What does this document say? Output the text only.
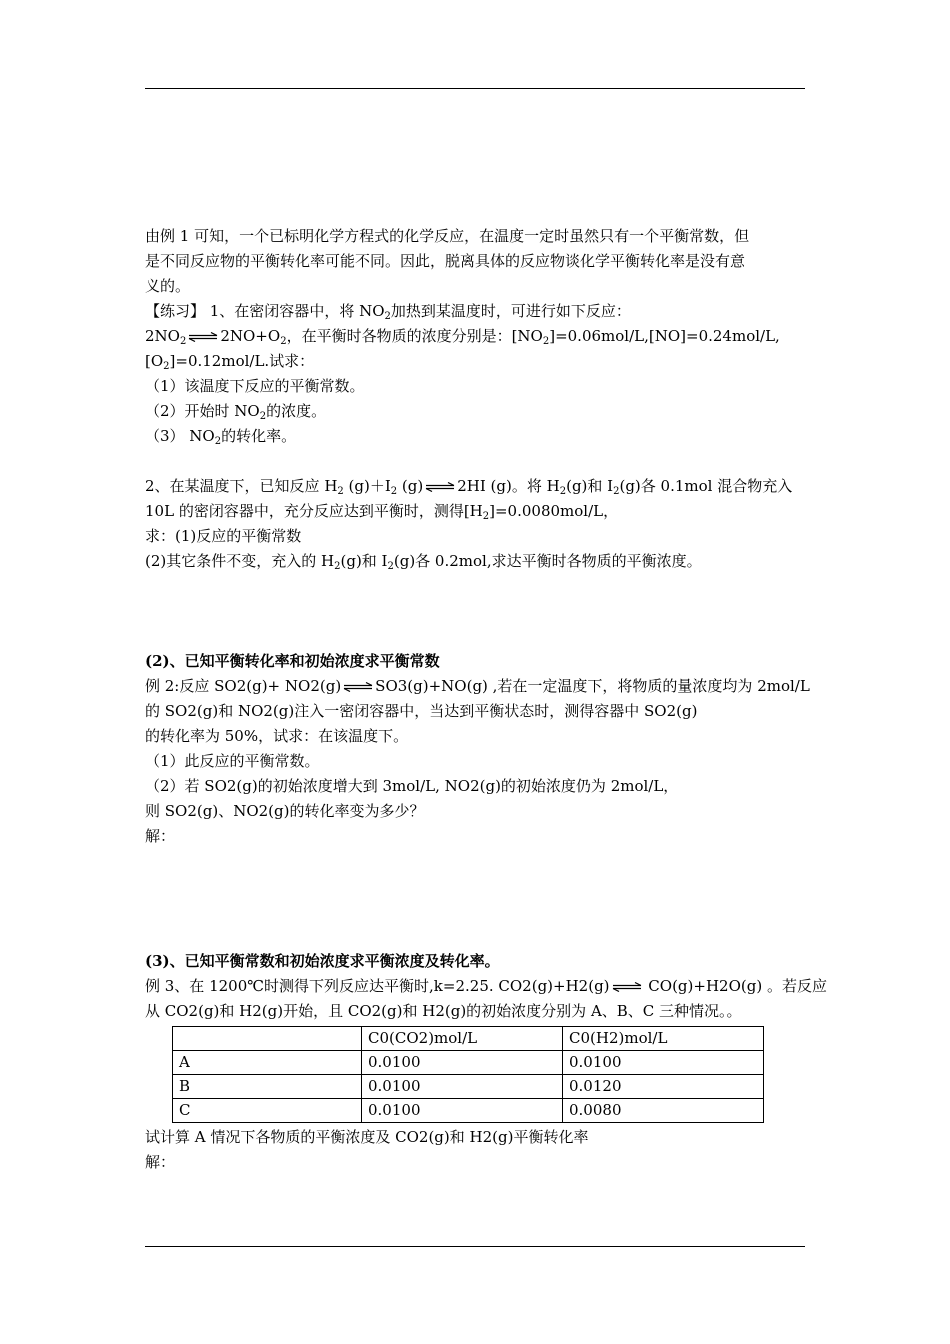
由例 1 可知，一个已标明化学方程式的化学反应，在温度一定时虽然只有一个平衡常数，但
是不同反应物的平衡转化率可能不同。因此，脱离具体的反应物谈化学平衡转化率是没有意
义的。
【练习】 1、在密闭容器中，将 $NO_2$加热到某温度时，可进行如下反应：
$2NO_2$ ⇌ $2NO+O_2$，在平衡时各物质的浓度分别是：$[NO_2]=0.06mol/L,[NO]=0.24mol/L$,
$[O_2]=0.12mol/L$.试求：
（1）该温度下反应的平衡常数。
（2）开始时 $NO_2$的浓度。
（3） $NO_2$的转化率。
2、在某温度下，已知反应 $H_2$ $(g)+I_2$ (g) ⇌ 2HI (g)。将 $H_2(g)$和 $I_2(g)$各 0.1mol 混合物充入
10L 的密闭容器中，充分反应达到平衡时，测得$[H_2]=0.0080mol/L$，
求：(1)反应的平衡常数
(2)其它条件不变，充入的 $H_2(g)$和 $I_2(g)$各 0.2mol,求达平衡时各物质的平衡浓度。
(2)、已知平衡转化率和初始浓度求平衡常数
例 2:反应 SO2(g)+ NO2(g) ⇌ SO3(g)+NO(g) ,若在一定温度下，将物质的量浓度均为 2mol/L
的 SO2(g)和 NO2(g)注入一密闭容器中，当达到平衡状态时，测得容器中 SO2(g)
的转化率为 50%，试求：在该温度下。
（1）此反应的平衡常数。
（2）若 SO2(g)的初始浓度增大到 3mol/L, NO2(g)的初始浓度仍为 2mol/L，
则 SO2(g)、NO2(g)的转化率变为多少？
解：
(3)、已知平衡常数和初始浓度求平衡浓度及转化率。
例 3、在 1200℃时测得下列反应达平衡时,k=2.25. CO2(g)+H2(g) ⇌ CO(g)+H2O(g) 。若反应
从 CO2(g)和 H2(g)开始，且 CO2(g)和 H2(g)的初始浓度分别为 A、B、C 三种情况。。
	C0(CO2)mol/L	C0(H2)mol/L
A	0.0100	0.0100
B	0.0100	0.0120
C	0.0100	0.0080
试计算 A 情况下各物质的平衡浓度及 CO2(g)和 H2(g)平衡转化率
解：
